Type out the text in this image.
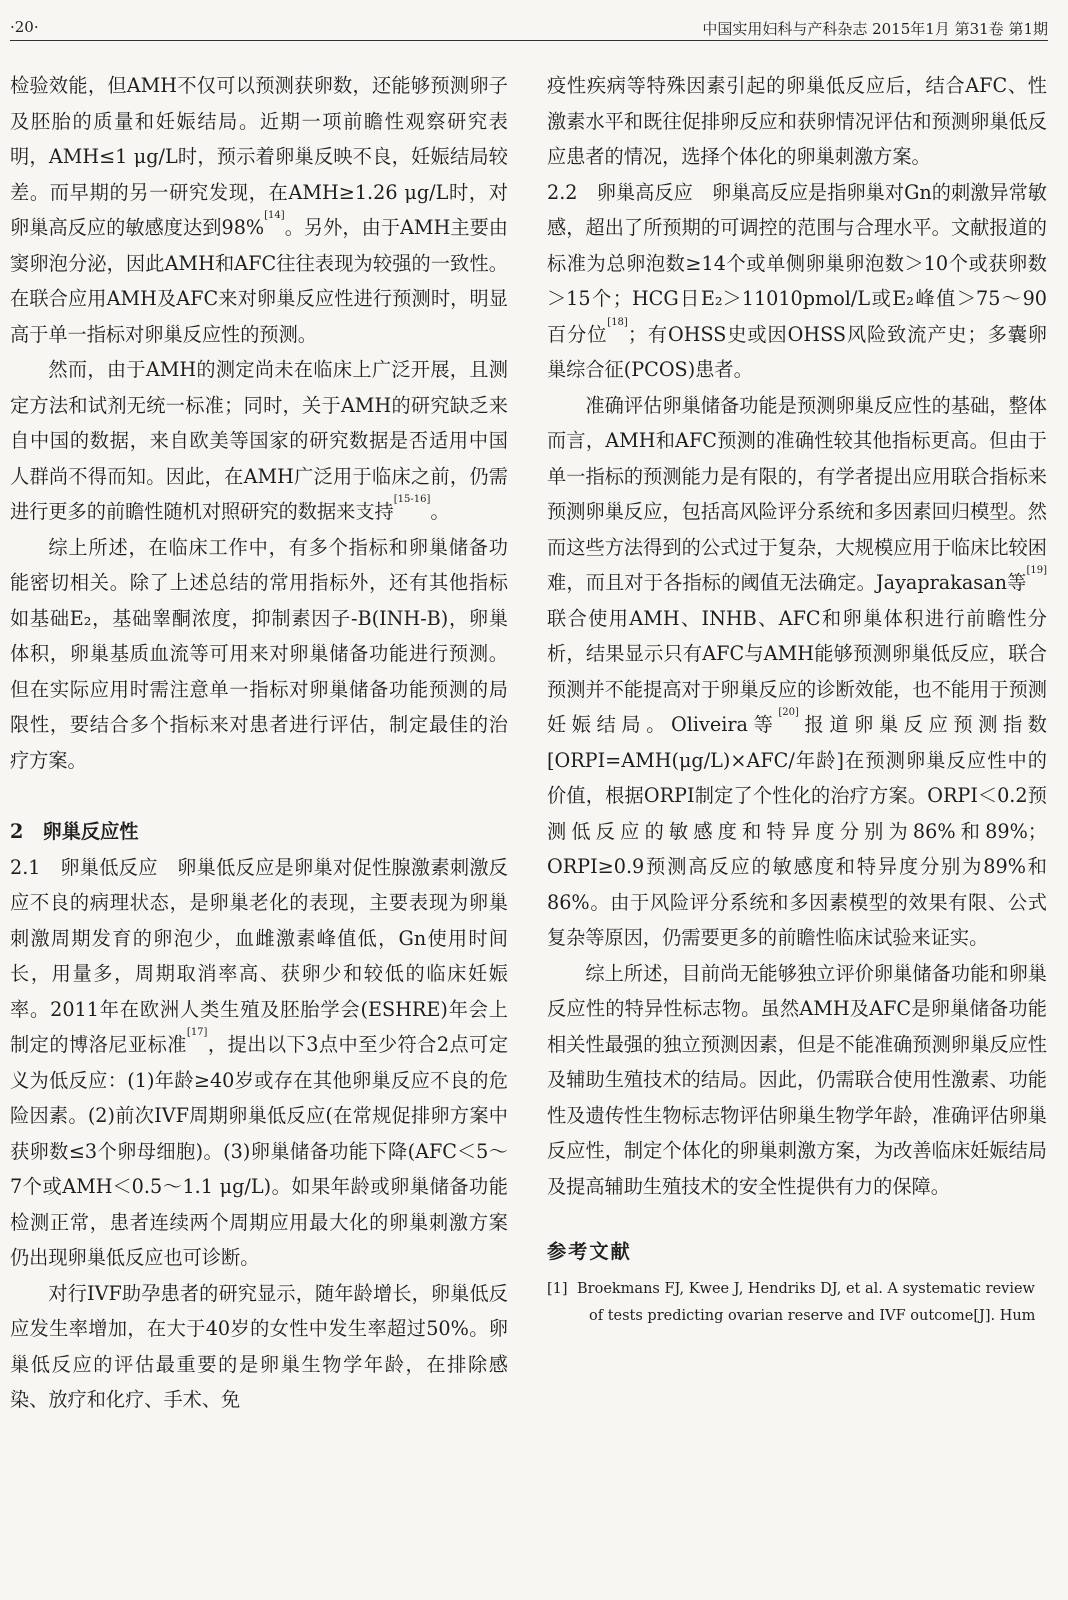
·20·	中国实用妇科与产科杂志 2015年1月 第31卷 第1期

检验效能，但AMH不仅可以预测获卵数，还能够预测卵子及胚胎的质量和妊娠结局。近期一项前瞻性观察研究表明，AMH≤1 μg/L时，预示着卵巢反映不良，妊娠结局较差。而早期的另一研究发现，在AMH≥1.26 μg/L时，对卵巢高反应的敏感度达到98%[14]。另外，由于AMH主要由窦卵泡分泌，因此AMH和AFC往往表现为较强的一致性。在联合应用AMH及AFC来对卵巢反应性进行预测时，明显高于单一指标对卵巢反应性的预测。

然而，由于AMH的测定尚未在临床上广泛开展，且测定方法和试剂无统一标准；同时，关于AMH的研究缺乏来自中国的数据，来自欧美等国家的研究数据是否适用中国人群尚不得而知。因此，在AMH广泛用于临床之前，仍需进行更多的前瞻性随机对照研究的数据来支持[15-16]。

综上所述，在临床工作中，有多个指标和卵巢储备功能密切相关。除了上述总结的常用指标外，还有其他指标如基础E₂，基础睾酮浓度，抑制素因子-B(INH-B)，卵巢体积，卵巢基质血流等可用来对卵巢储备功能进行预测。但在实际应用时需注意单一指标对卵巢储备功能预测的局限性，要结合多个指标来对患者进行评估，制定最佳的治疗方案。

2　卵巢反应性

2.1　卵巢低反应　卵巢低反应是卵巢对促性腺激素刺激反应不良的病理状态，是卵巢老化的表现，主要表现为卵巢刺激周期发育的卵泡少，血雌激素峰值低，Gn使用时间长，用量多，周期取消率高、获卵少和较低的临床妊娠率。2011年在欧洲人类生殖及胚胎学会(ESHRE)年会上制定的博洛尼亚标准[17]，提出以下3点中至少符合2点可定义为低反应：(1)年龄≥40岁或存在其他卵巢反应不良的危险因素。(2)前次IVF周期卵巢低反应(在常规促排卵方案中获卵数≤3个卵母细胞)。(3)卵巢储备功能下降(AFC＜5～7个或AMH＜0.5～1.1 μg/L)。如果年龄或卵巢储备功能检测正常，患者连续两个周期应用最大化的卵巢刺激方案仍出现卵巢低反应也可诊断。

对行IVF助孕患者的研究显示，随年龄增长，卵巢低反应发生率增加，在大于40岁的女性中发生率超过50%。卵巢低反应的评估最重要的是卵巢生物学年龄，在排除感染、放疗和化疗、手术、免

疫性疾病等特殊因素引起的卵巢低反应后，结合AFC、性激素水平和既往促排卵反应和获卵情况评估和预测卵巢低反应患者的情况，选择个体化的卵巢刺激方案。

2.2　卵巢高反应　卵巢高反应是指卵巢对Gn的刺激异常敏感，超出了所预期的可调控的范围与合理水平。文献报道的标准为总卵泡数≥14个或单侧卵巢卵泡数＞10个或获卵数＞15个；HCG日E₂＞11010pmol/L或E₂峰值＞75～90百分位[18]；有OHSS史或因OHSS风险致流产史；多囊卵巢综合征(PCOS)患者。

准确评估卵巢储备功能是预测卵巢反应性的基础，整体而言，AMH和AFC预测的准确性较其他指标更高。但由于单一指标的预测能力是有限的，有学者提出应用联合指标来预测卵巢反应，包括高风险评分系统和多因素回归模型。然而这些方法得到的公式过于复杂，大规模应用于临床比较困难，而且对于各指标的阈值无法确定。Jayaprakasan等[19]联合使用AMH、INHB、AFC和卵巢体积进行前瞻性分析，结果显示只有AFC与AMH能够预测卵巢低反应，联合预测并不能提高对于卵巢反应的诊断效能，也不能用于预测妊娠结局。Oliveira等[20]报道卵巢反应预测指数[ORPI=AMH(μg/L)×AFC/年龄]在预测卵巢反应性中的价值，根据ORPI制定了个性化的治疗方案。ORPI＜0.2预测低反应的敏感度和特异度分别为86%和89%；ORPI≥0.9预测高反应的敏感度和特异度分别为89%和86%。由于风险评分系统和多因素模型的效果有限、公式复杂等原因，仍需要更多的前瞻性临床试验来证实。

综上所述，目前尚无能够独立评价卵巢储备功能和卵巢反应性的特异性标志物。虽然AMH及AFC是卵巢储备功能相关性最强的独立预测因素，但是不能准确预测卵巢反应性及辅助生殖技术的结局。因此，仍需联合使用性激素、功能性及遗传性生物标志物评估卵巢生物学年龄，准确评估卵巢反应性，制定个体化的卵巢刺激方案，为改善临床妊娠结局及提高辅助生殖技术的安全性提供有力的保障。

参考文献

[1] Broekmans FJ, Kwee J, Hendriks DJ, et al. A systematic review
of tests predicting ovarian reserve and IVF outcome[J]. Hum
